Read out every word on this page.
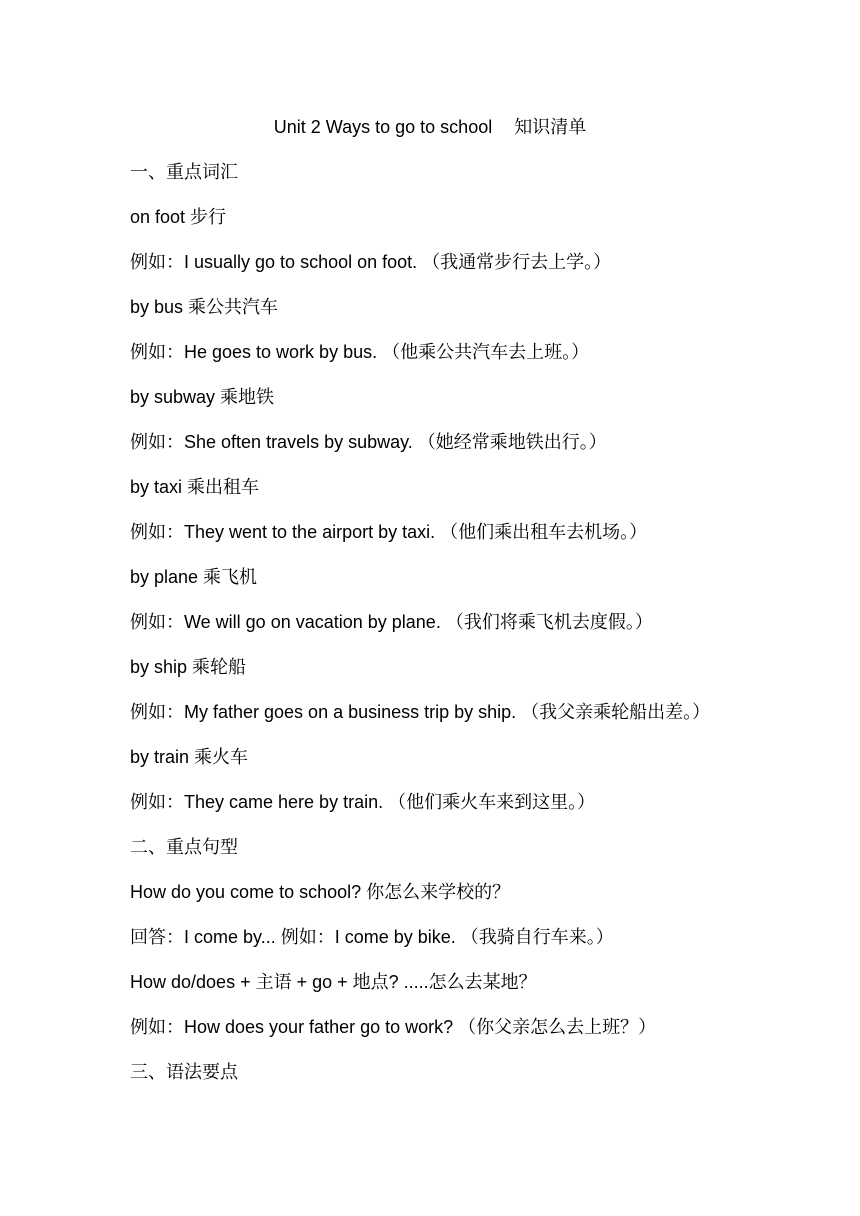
Unit 2 Ways to go to school 知识清单
一、重点词汇
on foot 步行
例如：I usually go to school on foot. （我通常步行去上学。）
by bus 乘公共汽车
例如：He goes to work by bus. （他乘公共汽车去上班。）
by subway 乘地铁
例如：She often travels by subway. （她经常乘地铁出行。）
by taxi 乘出租车
例如：They went to the airport by taxi. （他们乘出租车去机场。）
by plane 乘飞机
例如：We will go on vacation by plane. （我们将乘飞机去度假。）
by ship 乘轮船
例如：My father goes on a business trip by ship. （我父亲乘轮船出差。）
by train 乘火车
例如：They came here by train. （他们乘火车来到这里。）
二、重点句型
How do you come to school? 你怎么来学校的？
回答：I come by... 例如：I come by bike. （我骑自行车来。）
How do/does + 主语 + go + 地点? .....怎么去某地？
例如：How does your father go to work? （你父亲怎么去上班？）
三、语法要点
